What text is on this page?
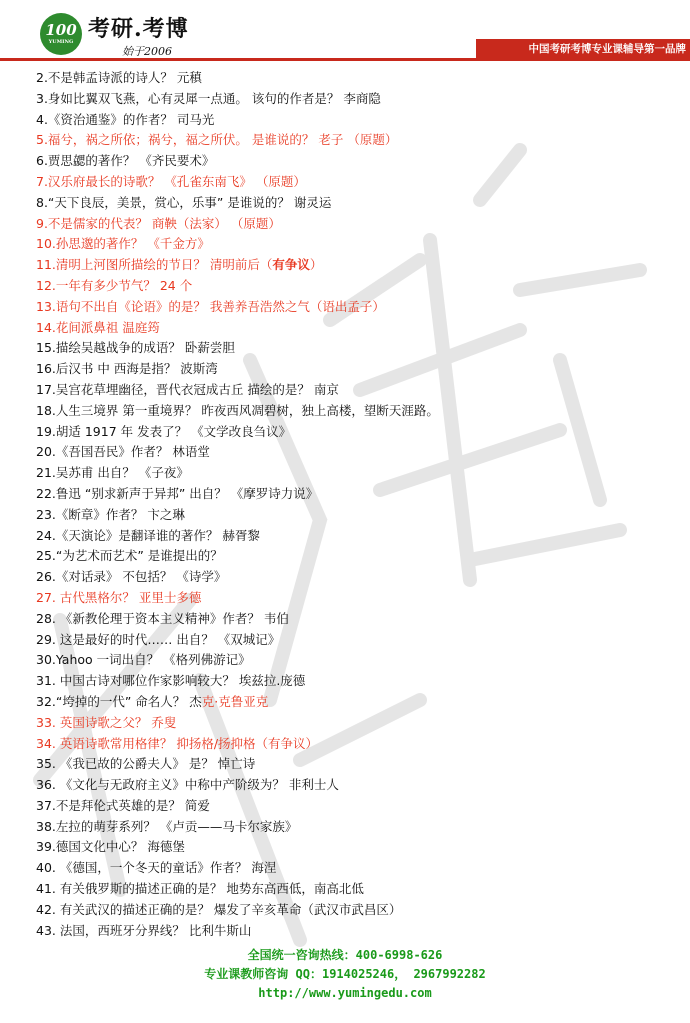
100
YUMING 考研.考博
始于2006	中国考研考博专业课辅导第一品牌
2.不是韩孟诗派的诗人？ 元稹
3.身如比翼双飞燕，心有灵犀一点通。 该句的作者是？ 李商隐
4.《资治通鉴》的作者？ 司马光
5.福兮，祸之所依；祸兮，福之所伏。 是谁说的？ 老子 （原题）
6.贾思勰的著作？ 《齐民要术》
7.汉乐府最长的诗歌？ 《孔雀东南飞》 （原题）
8.“天下良辰，美景，赏心，乐事” 是谁说的？ 谢灵运
9.不是儒家的代表？ 商鞅（法家） （原题）
10.孙思邈的著作？ 《千金方》
11.清明上河图所描绘的节日？ 清明前后（有争议）
12.一年有多少节气？ 24 个
13.语句不出自《论语》的是？ 我善养吾浩然之气（语出孟子）
14.花间派鼻祖 温庭筠
15.描绘吴越战争的成语？ 卧薪尝胆
16.后汉书 中 西海是指？ 波斯湾
17.吴宫花草埋幽径，晋代衣冠成古丘 描绘的是？ 南京
18.人生三境界 第一重境界？ 昨夜西风凋碧树，独上高楼，望断天涯路。
19.胡适 1917 年 发表了？ 《文学改良刍议》
20.《吾国吾民》作者？ 林语堂
21.吴苏甫 出自？ 《子夜》
22.鲁迅 “别求新声于异邦” 出自？ 《摩罗诗力说》
23.《断章》作者？ 卞之琳
24.《天演论》是翻译谁的著作？ 赫胥黎
25.“为艺术而艺术” 是谁提出的？
26.《对话录》 不包括？ 《诗学》
27. 古代黑格尔？ 亚里士多德
28. 《新教伦理于资本主义精神》作者？ 韦伯
29. 这是最好的时代…… 出自？ 《双城记》
30.Yahoo 一词出自？ 《格列佛游记》
31. 中国古诗对哪位作家影响较大？ 埃兹拉.庞德
32.“垮掉的一代” 命名人？ 杰克·克鲁亚克
33. 英国诗歌之父？ 乔叟
34. 英语诗歌常用格律？ 抑扬格/扬抑格（有争议）
35. 《我已故的公爵夫人》 是？ 悼亡诗
36. 《文化与无政府主义》中称中产阶级为？ 非利士人
37.不是拜伦式英雄的是？ 简爱
38.左拉的萌芽系列？ 《卢贡——马卡尔家族》
39.德国文化中心？ 海德堡
40. 《德国，一个冬天的童话》作者？ 海涅
41. 有关俄罗斯的描述正确的是？ 地势东高西低，南高北低
42. 有关武汉的描述正确的是？ 爆发了辛亥革命（武汉市武昌区）
43. 法国，西班牙分界线？ 比利牛斯山
全国统一咨询热线：400-6998-626
专业课教师咨询 QQ：1914025246， 2967992282
http://www.yumingedu.com
